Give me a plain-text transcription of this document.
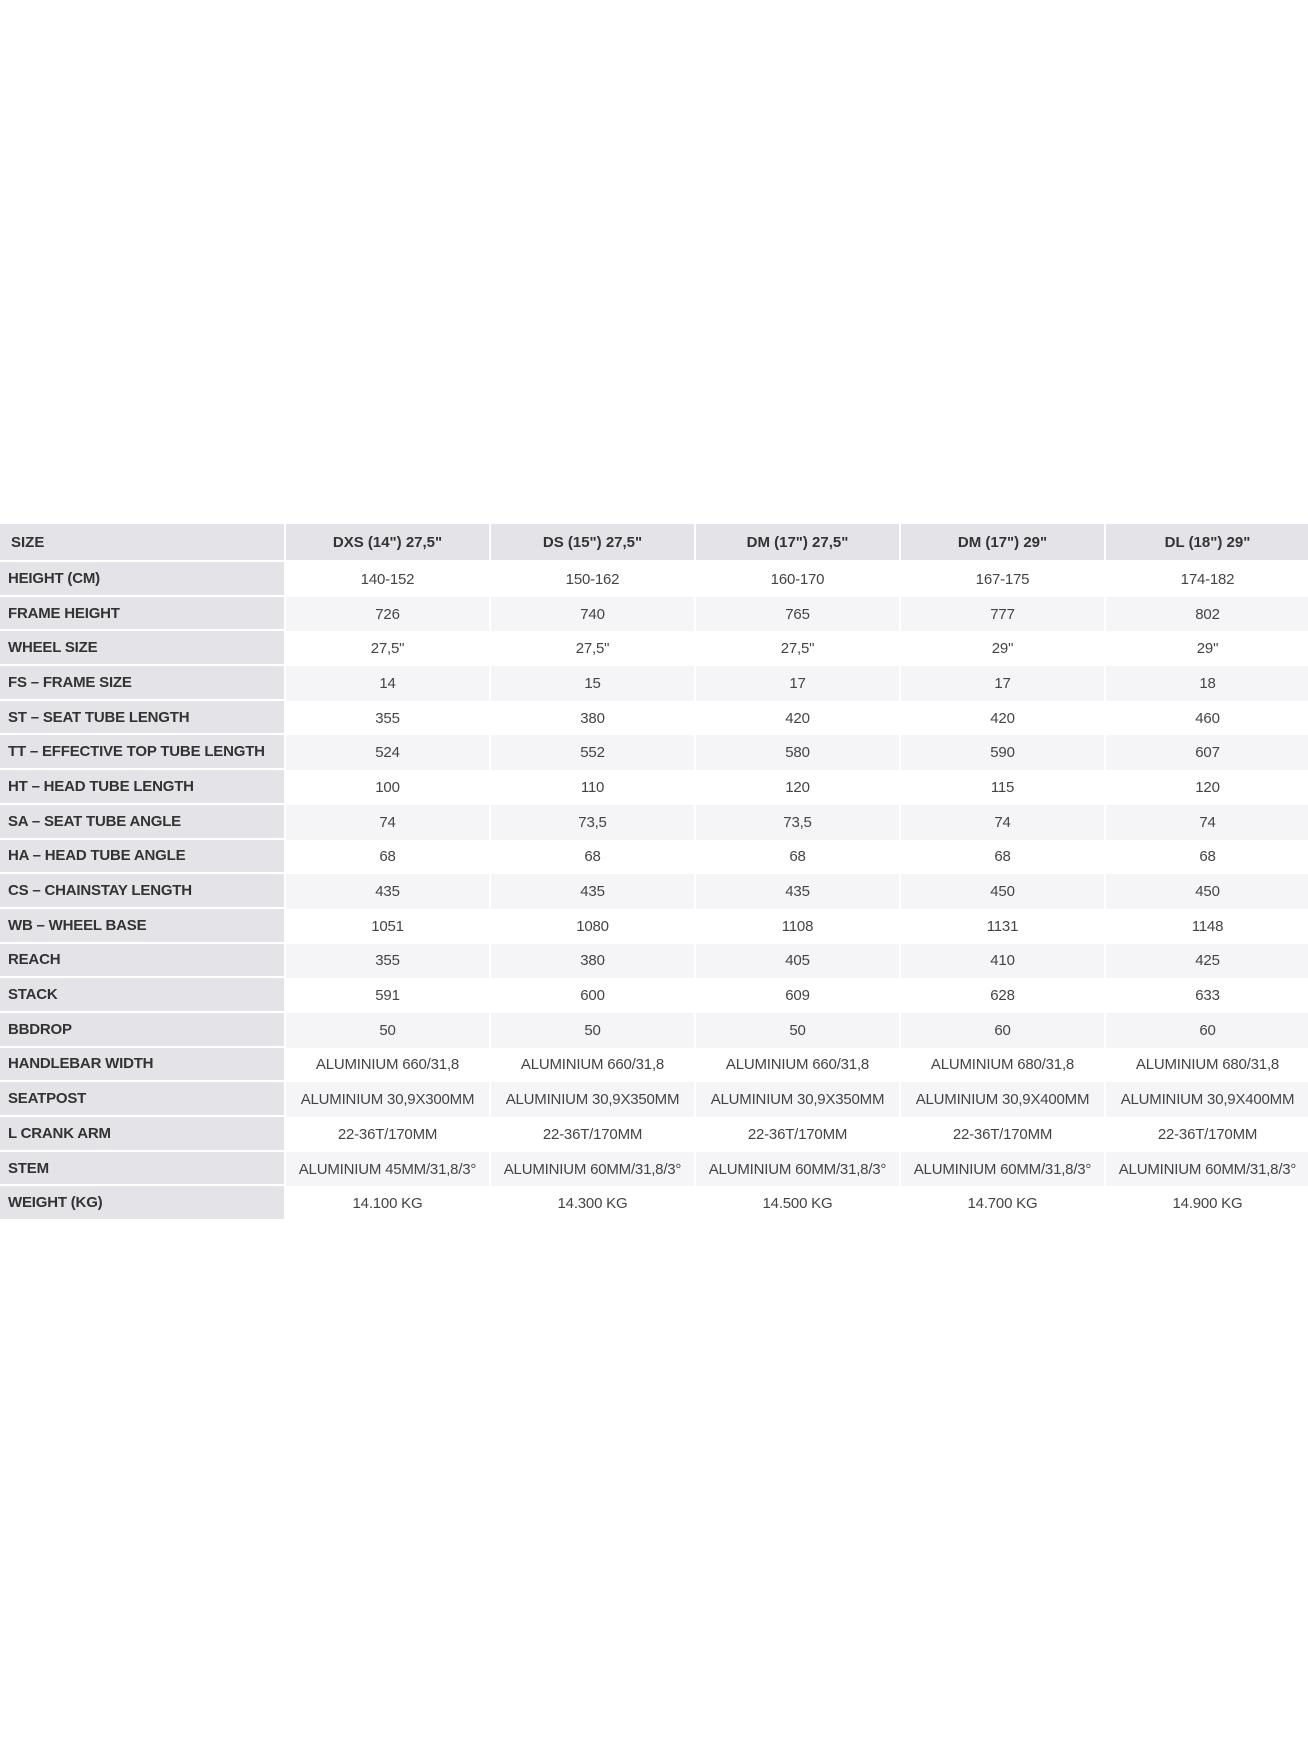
SIZE	DXS (14") 27,5"	DS (15") 27,5"	DM (17") 27,5"	DM (17") 29"	DL (18") 29"
HEIGHT (CM)	140-152	150-162	160-170	167-175	174-182
FRAME HEIGHT	726	740	765	777	802
WHEEL SIZE	27,5"	27,5"	27,5"	29"	29"
FS – FRAME SIZE	14	15	17	17	18
ST – SEAT TUBE LENGTH	355	380	420	420	460
TT – EFFECTIVE TOP TUBE LENGTH	524	552	580	590	607
HT – HEAD TUBE LENGTH	100	110	120	115	120
SA – SEAT TUBE ANGLE	74	73,5	73,5	74	74
HA – HEAD TUBE ANGLE	68	68	68	68	68
CS – CHAINSTAY LENGTH	435	435	435	450	450
WB – WHEEL BASE	1051	1080	1108	1131	1148
REACH	355	380	405	410	425
STACK	591	600	609	628	633
BBDROP	50	50	50	60	60
HANDLEBAR WIDTH	ALUMINIUM 660/31,8	ALUMINIUM 660/31,8	ALUMINIUM 660/31,8	ALUMINIUM 680/31,8	ALUMINIUM 680/31,8
SEATPOST	ALUMINIUM 30,9X300MM	ALUMINIUM 30,9X350MM	ALUMINIUM 30,9X350MM	ALUMINIUM 30,9X400MM	ALUMINIUM 30,9X400MM
L CRANK ARM	22-36T/170MM	22-36T/170MM	22-36T/170MM	22-36T/170MM	22-36T/170MM
STEM	ALUMINIUM 45MM/31,8/3°	ALUMINIUM 60MM/31,8/3°	ALUMINIUM 60MM/31,8/3°	ALUMINIUM 60MM/31,8/3°	ALUMINIUM 60MM/31,8/3°
WEIGHT (KG)	14.100 KG	14.300 KG	14.500 KG	14.700 KG	14.900 KG
